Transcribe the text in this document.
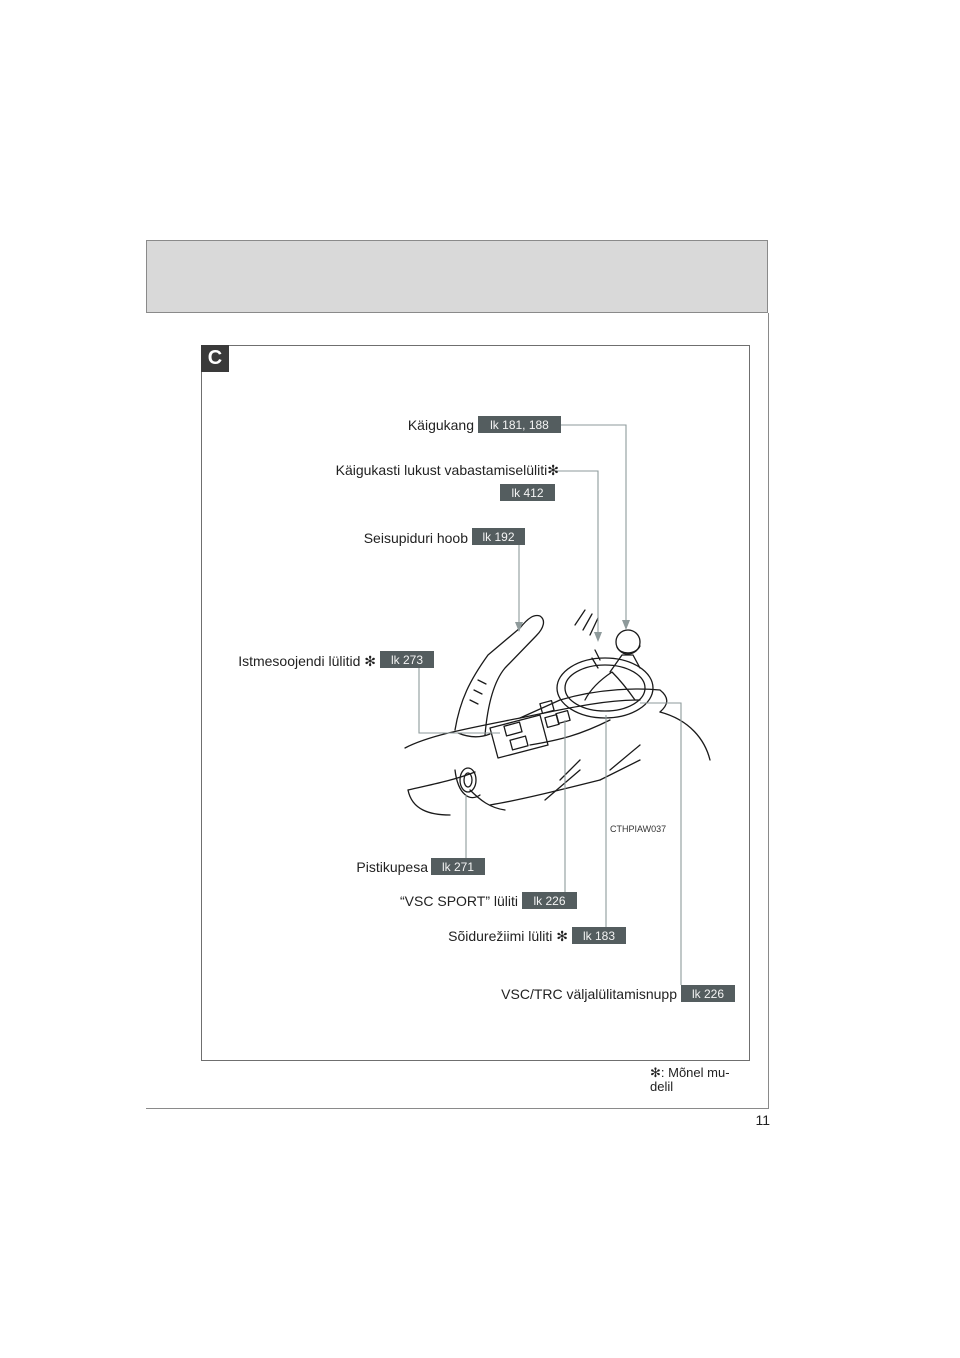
C
Käigukang	lk 181, 188
Käigukasti lukust vabastamiselüliti✻
lk 412
Seisupiduri hoob	lk 192
Istmesoojendi lülitid ✻	lk 273
CTHPIAW037
Pistikupesa	lk 271
“VSC SPORT” lüliti	lk 226
Sõidurežiimi lüliti ✻	lk 183
VSC/TRC väljalülitamisnupp	lk 226
✻: Mõnel mu-
delil
11
